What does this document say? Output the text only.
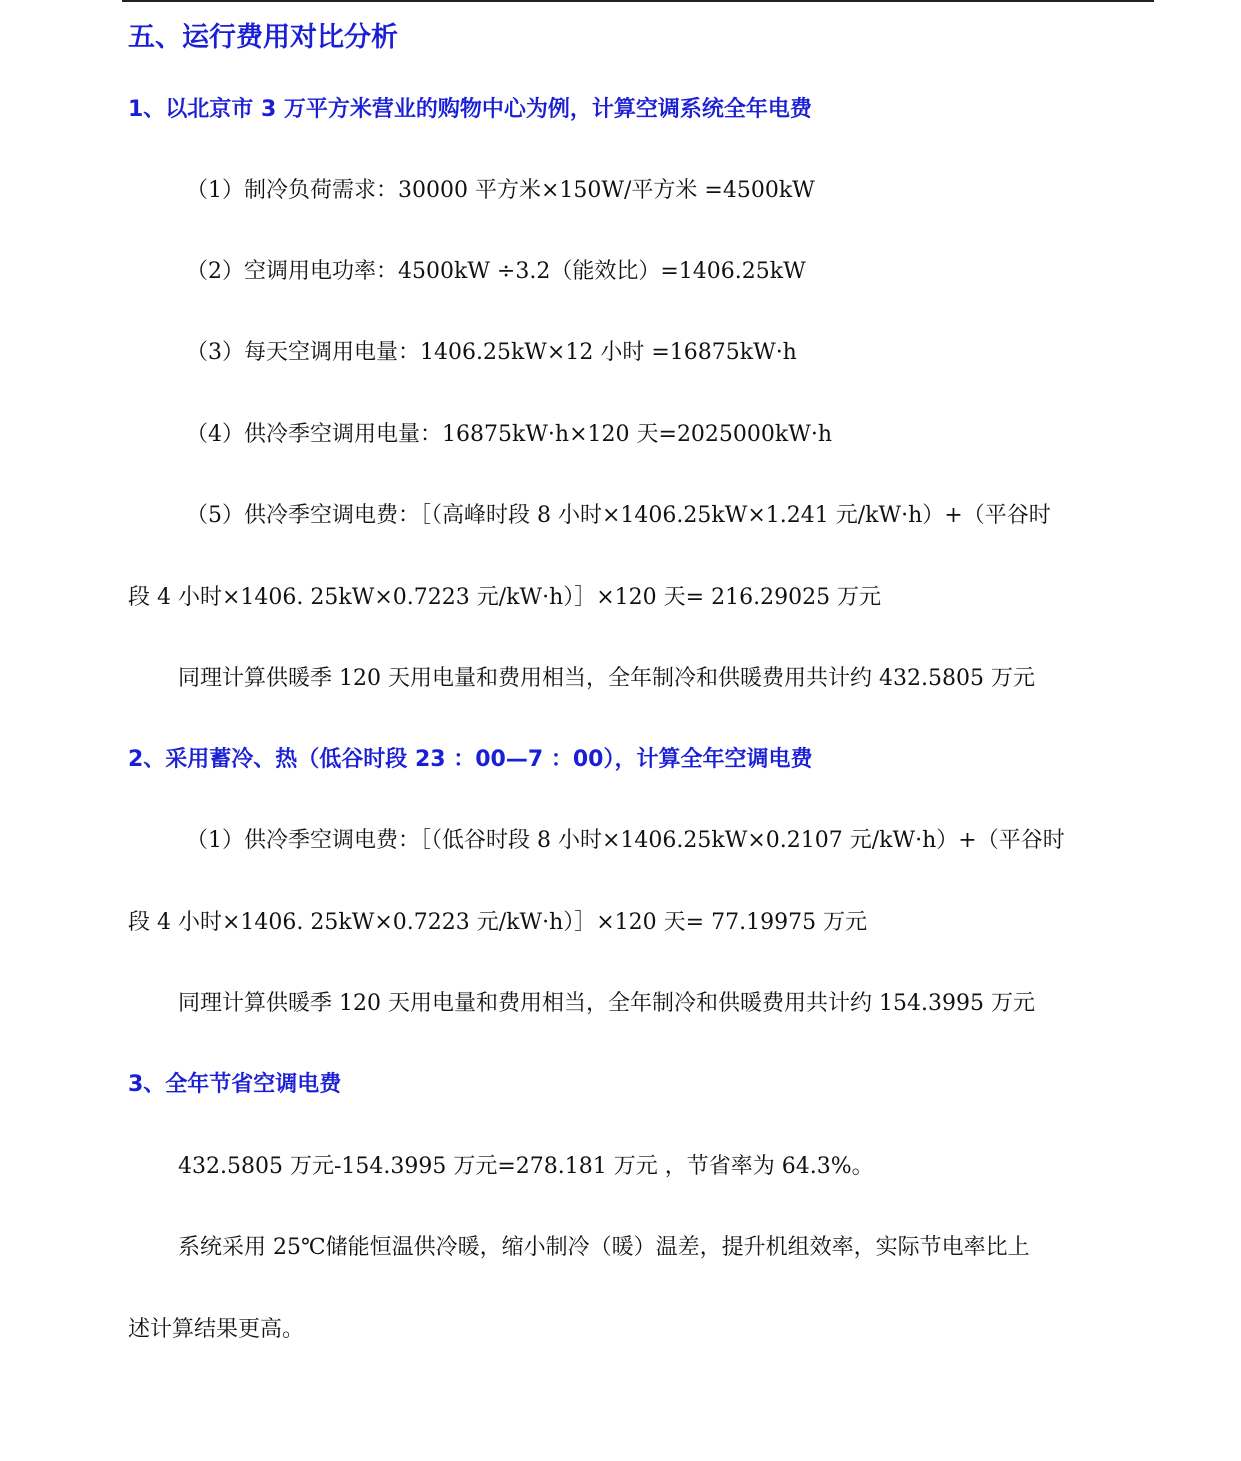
五、运行费用对比分析
1、以北京市 3 万平方米营业的购物中心为例，计算空调系统全年电费
（1）制冷负荷需求：30000 平方米×150W/平方米 =4500kW
（2）空调用电功率：4500kW ÷3.2（能效比）=1406.25kW
（3）每天空调用电量：1406.25kW×12 小时 =16875kW·h
（4）供冷季空调用电量：16875kW·h×120 天=2025000kW·h
（5）供冷季空调电费：［（高峰时段 8 小时×1406.25kW×1.241 元/kW·h）+（平谷时
段 4 小时×1406. 25kW×0.7223 元/kW·h）］×120 天= 216.29025 万元
同理计算供暖季 120 天用电量和费用相当，全年制冷和供暖费用共计约 432.5805 万元
2、采用蓄冷、热（低谷时段 23 ：00—7 ：00），计算全年空调电费
（1）供冷季空调电费：［（低谷时段 8 小时×1406.25kW×0.2107 元/kW·h）+（平谷时
段 4 小时×1406. 25kW×0.7223 元/kW·h）］×120 天= 77.19975 万元
同理计算供暖季 120 天用电量和费用相当，全年制冷和供暖费用共计约 154.3995 万元
3、全年节省空调电费
432.5805 万元-154.3995 万元=278.181 万元 ，节省率为 64.3%。
系统采用 25℃储能恒温供冷暖，缩小制冷（暖）温差，提升机组效率，实际节电率比上
述计算结果更高。
